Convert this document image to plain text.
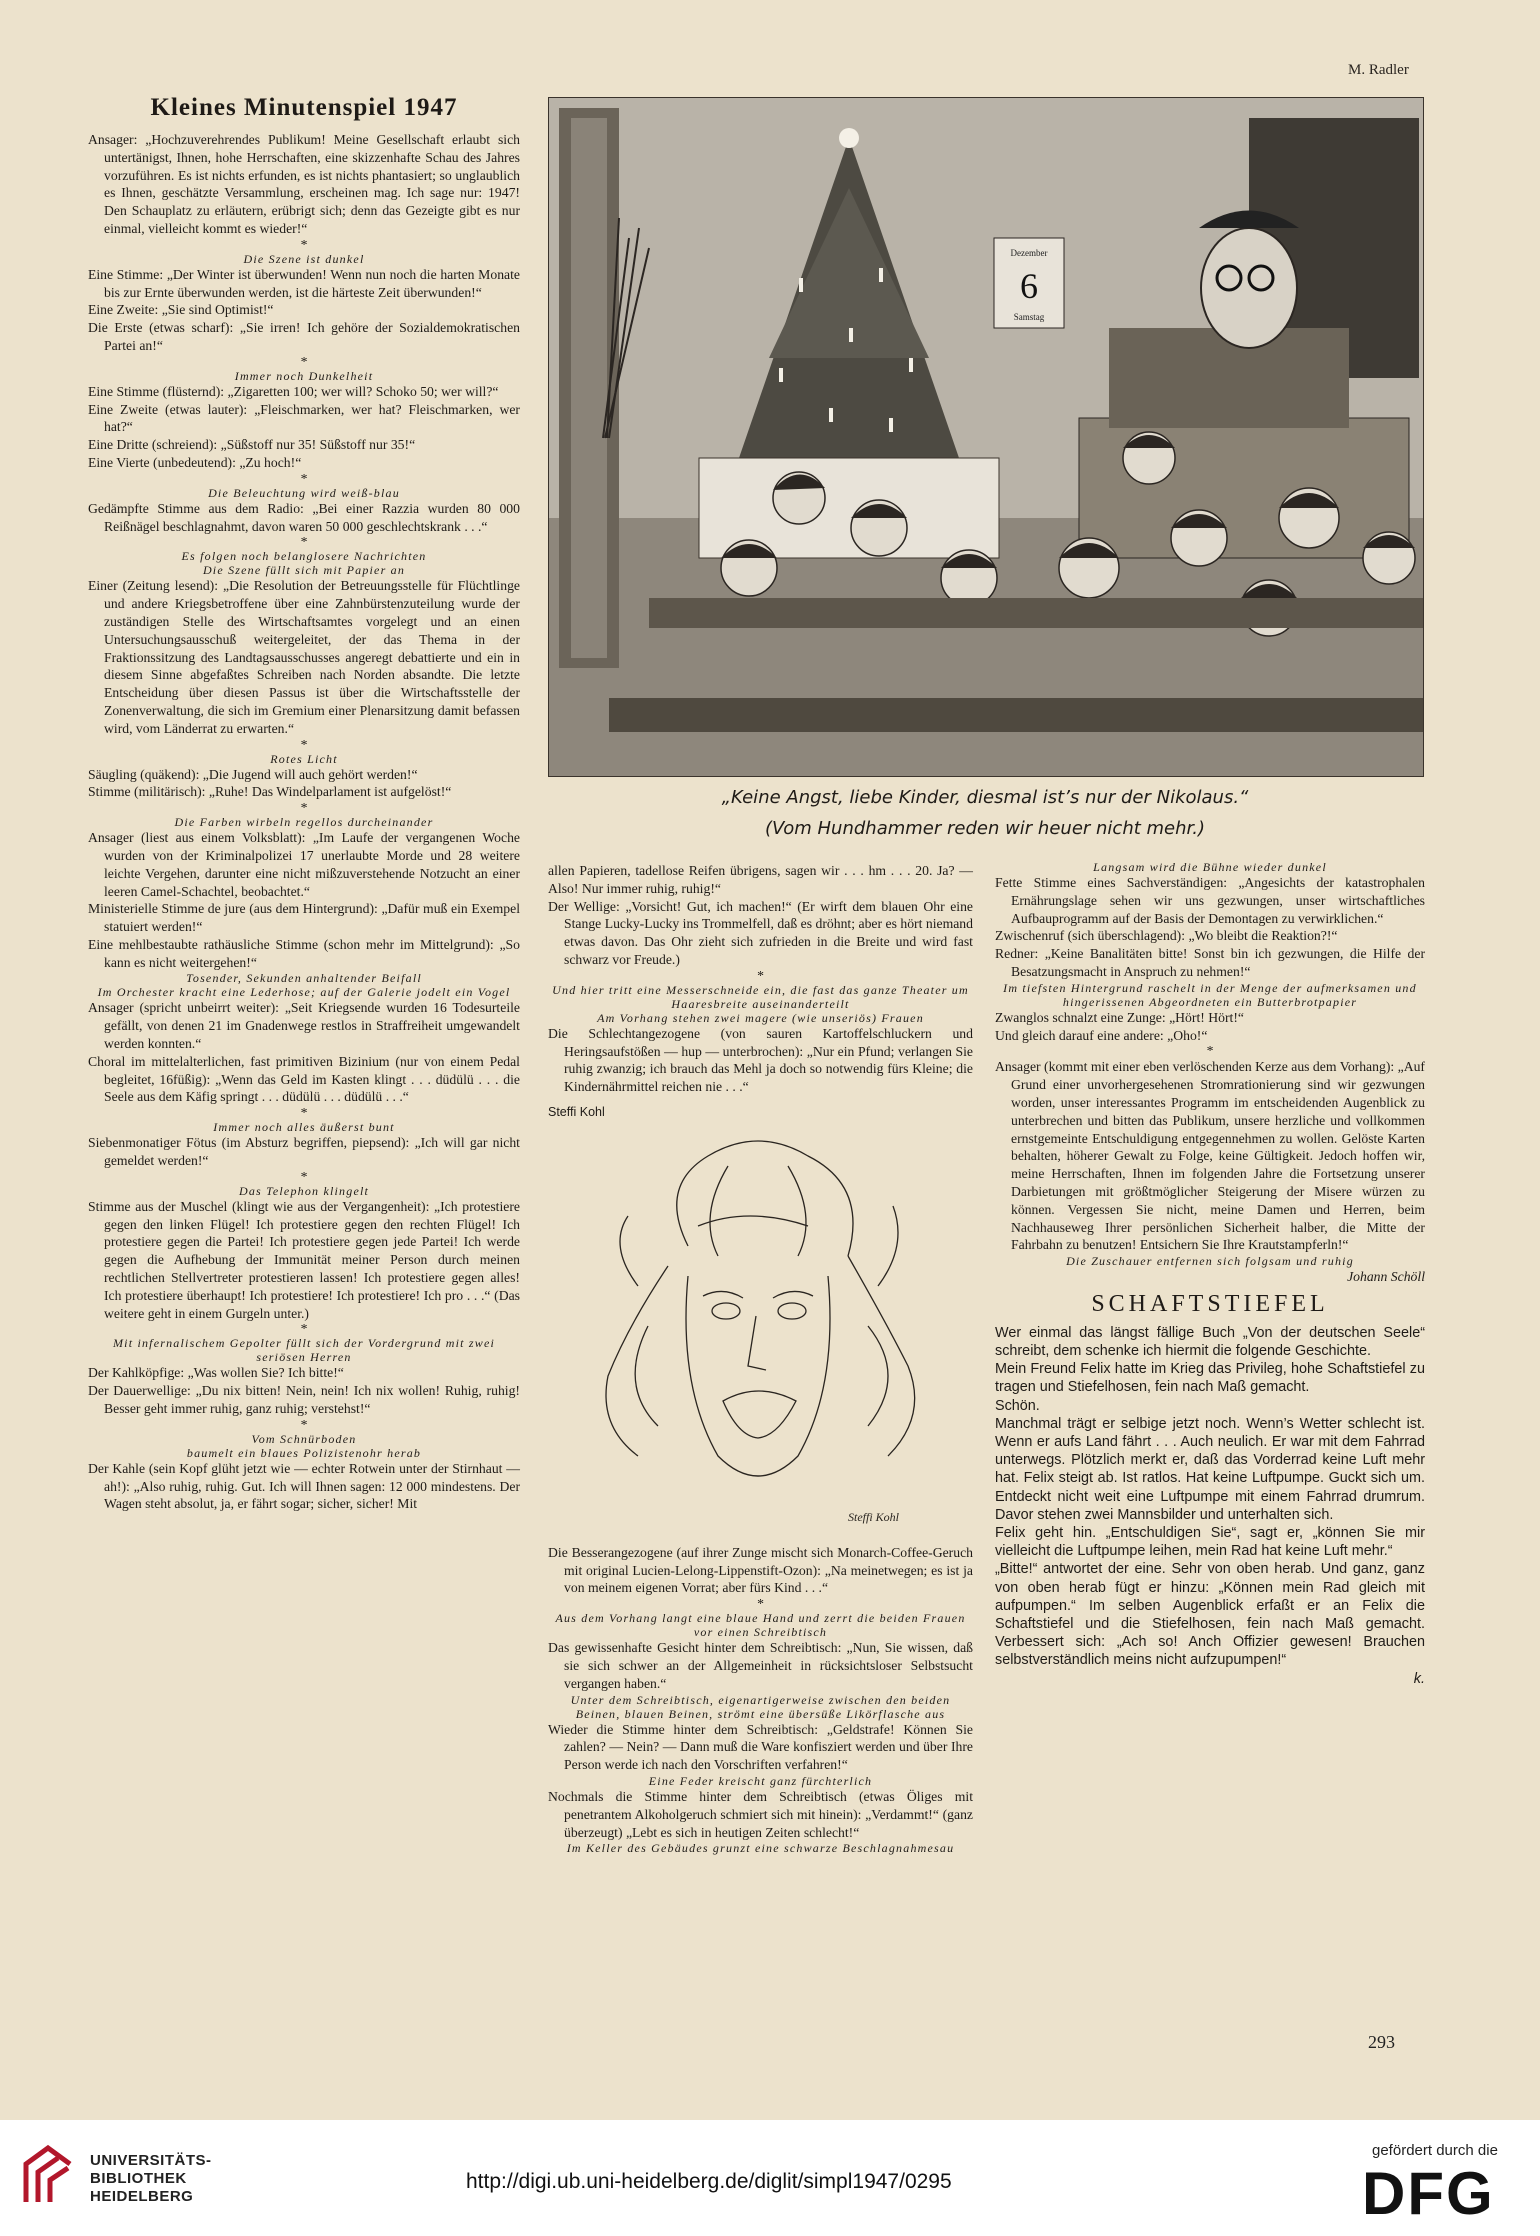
M. Radler
Kleines Minutenspiel 1947

Ansager: „Hochzuverehrendes Publikum! Meine Gesellschaft erlaubt sich untertänigst, Ihnen, hohe Herrschaften, eine skizzenhafte Schau des Jahres vorzuführen. Es ist nichts erfunden, es ist nichts phantasiert; so unglaublich es Ihnen, geschätzte Versammlung, erscheinen mag. Ich sage nur: 1947! Den Schauplatz zu erläutern, erübrigt sich; denn das Gezeigte gibt es nur einmal, vielleicht kommt es wieder!“

*

Die Szene ist dunkel

Eine Stimme: „Der Winter ist überwunden! Wenn nun noch die harten Monate bis zur Ernte überwunden werden, ist die härteste Zeit überwunden!“

Eine Zweite: „Sie sind Optimist!“

Die Erste (etwas scharf): „Sie irren! Ich gehöre der Sozialdemokratischen Partei an!“

*

Immer noch Dunkelheit

Eine Stimme (flüsternd): „Zigaretten 100; wer will? Schoko 50; wer will?“

Eine Zweite (etwas lauter): „Fleischmarken, wer hat? Fleischmarken, wer hat?“

Eine Dritte (schreiend): „Süßstoff nur 35! Süßstoff nur 35!“

Eine Vierte (unbedeutend): „Zu hoch!“

*

Die Beleuchtung wird weiß-blau

Gedämpfte Stimme aus dem Radio: „Bei einer Razzia wurden 80 000 Reißnägel beschlagnahmt, davon waren 50 000 geschlechtskrank . . .“

*

Es folgen noch belanglosere Nachrichten

Die Szene füllt sich mit Papier an

Einer (Zeitung lesend): „Die Resolution der Betreuungsstelle für Flüchtlinge und andere Kriegsbetroffene über eine Zahnbürstenzuteilung wurde der zuständigen Stelle des Wirtschaftsamtes vorgelegt und an einen Untersuchungsausschuß weitergeleitet, der das Thema in der Fraktionssitzung des Landtagsausschusses angeregt debattierte und ein in diesem Sinne abgefaßtes Schreiben nach Norden absandte. Die letzte Entscheidung über diesen Passus ist über die Wirtschaftsstelle der Zonenverwaltung, die sich im Gremium einer Plenarsitzung damit befassen wird, vom Länderrat zu erwarten.“

*

Rotes Licht

Säugling (quäkend): „Die Jugend will auch gehört werden!“

Stimme (militärisch): „Ruhe! Das Windelparlament ist aufgelöst!“

*

Die Farben wirbeln regellos durcheinander

Ansager (liest aus einem Volksblatt): „Im Laufe der vergangenen Woche wurden von der Kriminalpolizei 17 unerlaubte Morde und 28 weitere leichte Vergehen, darunter eine nicht mißzuverstehende Notzucht an einer leeren Camel-Schachtel, beobachtet.“

Ministerielle Stimme de jure (aus dem Hintergrund): „Dafür muß ein Exempel statuiert werden!“

Eine mehlbestaubte rathäusliche Stimme (schon mehr im Mittelgrund): „So kann es nicht weitergehen!“

Tosender, Sekunden anhaltender Beifall

Im Orchester kracht eine Lederhose; auf der Galerie jodelt ein Vogel

Ansager (spricht unbeirrt weiter): „Seit Kriegsende wurden 16 Todesurteile gefällt, von denen 21 im Gnadenwege restlos in Straffreiheit umgewandelt werden konnten.“

Choral im mittelalterlichen, fast primitiven Bizinium (nur von einem Pedal begleitet, 16füßig): „Wenn das Geld im Kasten klingt . . . düdülü . . . die Seele aus dem Käfig springt . . . düdülü . . . düdülü . . .“

*

Immer noch alles äußerst bunt

Siebenmonatiger Fötus (im Absturz begriffen, piepsend): „Ich will gar nicht gemeldet werden!“

*

Das Telephon klingelt

Stimme aus der Muschel (klingt wie aus der Vergangenheit): „Ich protestiere gegen den linken Flügel! Ich protestiere gegen den rechten Flügel! Ich protestiere gegen die Partei! Ich protestiere gegen jede Partei! Ich werde gegen die Aufhebung der Immunität meiner Person durch meinen rechtlichen Stellvertreter protestieren lassen! Ich protestiere gegen alles! Ich protestiere überhaupt! Ich protestiere! Ich protestiere! Ich pro . . .“ (Das weitere geht in einem Gurgeln unter.)

*

Mit infernalischem Gepolter füllt sich der Vordergrund mit zwei seriösen Herren

Der Kahlköpfige: „Was wollen Sie? Ich bitte!“

Der Dauerwellige: „Du nix bitten! Nein, nein! Ich nix wollen! Ruhig, ruhig! Besser geht immer ruhig, ganz ruhig; verstehst!“

*

Vom Schnürboden

baumelt ein blaues Polizistenohr herab

Der Kahle (sein Kopf glüht jetzt wie — echter Rotwein unter der Stirnhaut — ah!): „Also ruhig, ruhig. Gut. Ich will Ihnen sagen: 12 000 mindestens. Der Wagen steht absolut, ja, er fährt sogar; sicher, sicher! Mit

Dezember
6
Samstag
„Keine Angst, liebe Kinder, diesmal ist’s nur der Nikolaus.“
(Vom Hundhammer reden wir heuer nicht mehr.)

allen Papieren, tadellose Reifen übrigens, sagen wir . . . hm . . . 20. Ja? — Also! Nur immer ruhig, ruhig!“

Der Wellige: „Vorsicht! Gut, ich machen!“ (Er wirft dem blauen Ohr eine Stange Lucky-Lucky ins Trommelfell, daß es dröhnt; aber es hört niemand etwas davon. Das Ohr zieht sich zufrieden in die Breite und wird fast schwarz vor Freude.)

*

Und hier tritt eine Messerschneide ein, die fast das ganze Theater um Haaresbreite auseinanderteilt

Am Vorhang stehen zwei magere (wie unseriös) Frauen

Die Schlechtangezogene (von sauren Kartoffelschluckern und Heringsaufstößen — hup — unterbrochen): „Nur ein Pfund; verlangen Sie ruhig zwanzig; ich brauch das Mehl ja doch so notwendig fürs Kleine; die Kindernährmittel reichen nie . . .“

Steffi Kohl
Steffi Kohl

Die Besserangezogene (auf ihrer Zunge mischt sich Monarch-Coffee-Geruch mit original Lucien-Lelong-Lippenstift-Ozon): „Na meinetwegen; es ist ja von meinem eigenen Vorrat; aber fürs Kind . . .“

*

Aus dem Vorhang langt eine blaue Hand und zerrt die beiden Frauen vor einen Schreibtisch

Das gewissenhafte Gesicht hinter dem Schreibtisch: „Nun, Sie wissen, daß sie sich schwer an der Allgemeinheit in rücksichtsloser Selbstsucht vergangen haben.“

Unter dem Schreibtisch, eigenartigerweise zwischen den beiden Beinen, blauen Beinen, strömt eine übersüße Likörflasche aus

Wieder die Stimme hinter dem Schreibtisch: „Geldstrafe! Können Sie zahlen? — Nein? — Dann muß die Ware konfisziert werden und über Ihre Person werde ich nach den Vorschriften verfahren!“

Eine Feder kreischt ganz fürchterlich

Nochmals die Stimme hinter dem Schreibtisch (etwas Öliges mit penetrantem Alkoholgeruch schmiert sich mit hinein): „Verdammt!“ (ganz überzeugt) „Lebt es sich in heutigen Zeiten schlecht!“

Im Keller des Gebäudes grunzt eine schwarze Beschlagnahmesau

Langsam wird die Bühne wieder dunkel

Fette Stimme eines Sachverständigen: „Angesichts der katastrophalen Ernährungslage sehen wir uns gezwungen, unser wirtschaftliches Aufbauprogramm auf der Basis der Demontagen zu verwirklichen.“

Zwischenruf (sich überschlagend): „Wo bleibt die Reaktion?!“

Redner: „Keine Banalitäten bitte! Sonst bin ich gezwungen, die Hilfe der Besatzungsmacht in Anspruch zu nehmen!“

Im tiefsten Hintergrund raschelt in der Menge der aufmerksamen und hingerissenen Abgeordneten ein Butterbrotpapier

Zwanglos schnalzt eine Zunge: „Hört! Hört!“

Und gleich darauf eine andere: „Oho!“

*

Ansager (kommt mit einer eben verlöschenden Kerze aus dem Vorhang): „Auf Grund einer unvorhergesehenen Stromrationierung sind wir gezwungen worden, unser interessantes Programm im entscheidenden Augenblick zu unterbrechen und bitten das Publikum, unsere herzliche und vollkommen ernstgemeinte Entschuldigung entgegennehmen zu wollen. Gelöste Karten behalten, höherer Gewalt zu Folge, keine Gültigkeit. Jedoch hoffen wir, meine Herrschaften, Ihnen im folgenden Jahre die Fortsetzung unserer Darbietungen mit größtmöglicher Steigerung der Misere würzen zu können. Vergessen Sie nicht, meine Damen und Herren, beim Nachhauseweg Ihrer persönlichen Sicherheit halber, die Mitte der Fahrbahn zu benutzen! Entsichern Sie Ihre Krautstampferln!“

Die Zuschauer entfernen sich folgsam und ruhig

Johann Schöll

SCHAFTSTIEFEL

Wer einmal das längst fällige Buch „Von der deutschen Seele“ schreibt, dem schenke ich hiermit die folgende Geschichte.

Mein Freund Felix hatte im Krieg das Privileg, hohe Schaftstiefel zu tragen und Stiefelhosen, fein nach Maß gemacht.

Schön.

Manchmal trägt er selbige jetzt noch. Wenn’s Wetter schlecht ist. Wenn er aufs Land fährt . . . Auch neulich. Er war mit dem Fahrrad unterwegs. Plötzlich merkt er, daß das Vorderrad keine Luft mehr hat. Felix steigt ab. Ist ratlos. Hat keine Luftpumpe. Guckt sich um. Entdeckt nicht weit eine Luftpumpe mit einem Fahrrad drumrum. Davor stehen zwei Mannsbilder und unterhalten sich.

Felix geht hin. „Entschuldigen Sie“, sagt er, „können Sie mir vielleicht die Luftpumpe leihen, mein Rad hat keine Luft mehr.“

„Bitte!“ antwortet der eine. Sehr von oben herab. Und ganz, ganz von oben herab fügt er hinzu: „Können mein Rad gleich mit aufpumpen.“ Im selben Augenblick erfaßt er an Felix die Schaftstiefel und die Stiefelhosen, fein nach Maß gemacht. Verbessert sich: „Ach so! Anch Offizier gewesen! Brauchen selbstverständlich meins nicht aufzupumpen!“

k.

293
UNIVERSITÄTS-
BIBLIOTHEK
HEIDELBERG
http://digi.ub.uni-heidelberg.de/diglit/simpl1947/0295
gefördert durch die
DFG
